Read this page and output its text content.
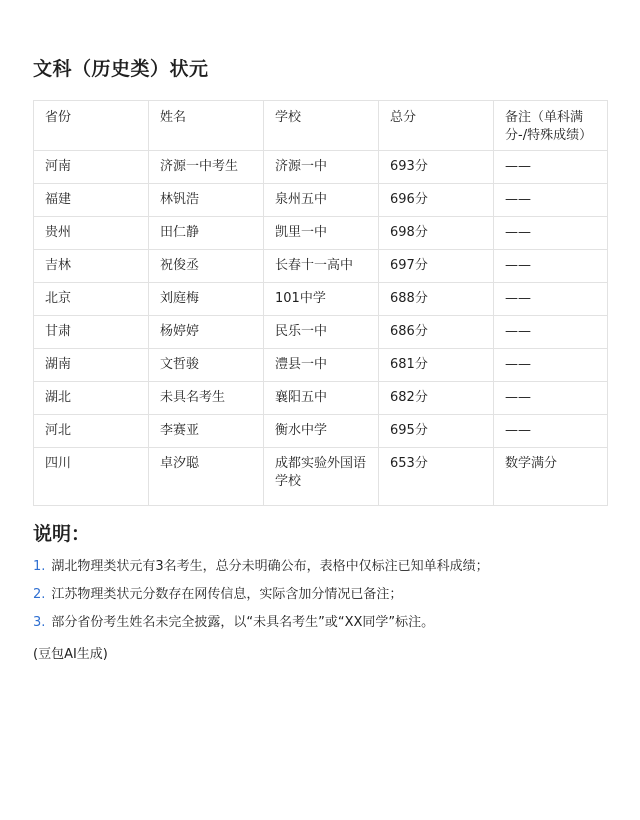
文科（历史类）状元
省份	姓名	学校	总分	备注（单科满分-/特殊成绩）
河南	济源一中考生	济源一中	693分	——
福建	林钒浩	泉州五中	696分	——
贵州	田仁静	凯里一中	698分	——
吉林	祝俊丞	长春十一高中	697分	——
北京	刘庭梅	101中学	688分	——
甘肃	杨婷婷	民乐一中	686分	——
湖南	文哲骏	澧县一中	681分	——
湖北	未具名考生	襄阳五中	682分	——
河北	李赛亚	衡水中学	695分	——
四川	卓汐聪	成都实验外国语学校	653分	数学满分
说明：
1. 湖北物理类状元有3名考生，总分未明确公布，表格中仅标注已知单科成绩；
2. 江苏物理类状元分数存在网传信息，实际含加分情况已备注；
3. 部分省份考生姓名未完全披露，以“未具名考生”或“XX同学”标注。

(豆包AI生成)
